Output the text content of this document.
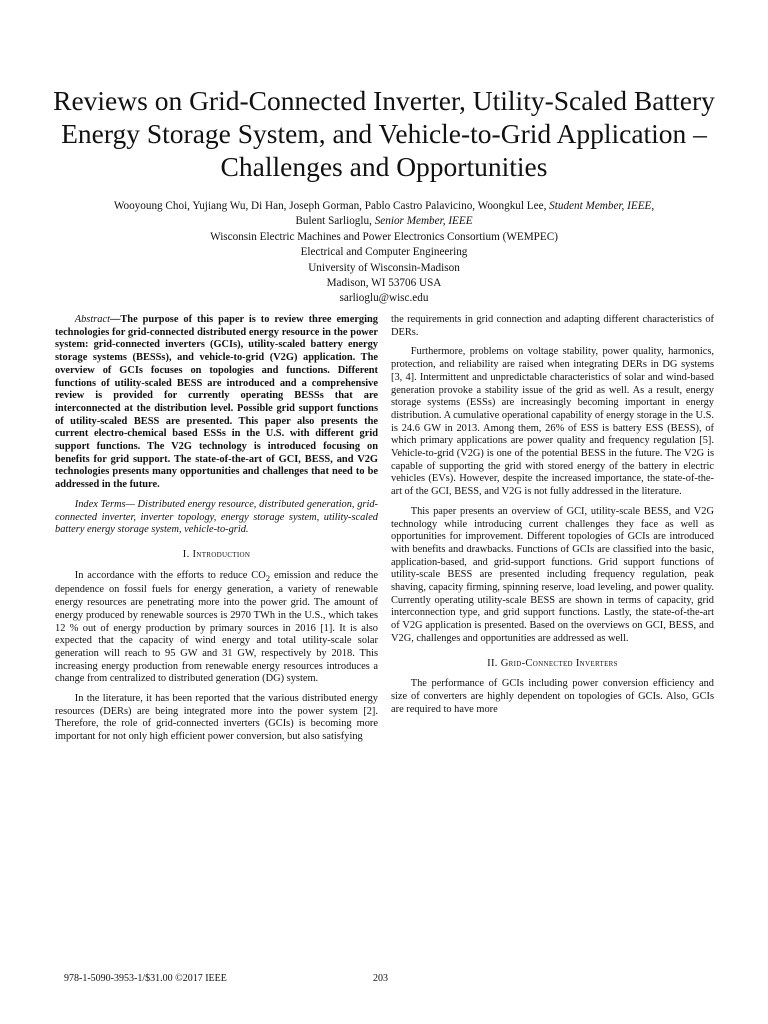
Reviews on Grid-Connected Inverter, Utility-Scaled Battery Energy Storage System, and Vehicle-to-Grid Application – Challenges and Opportunities
Wooyoung Choi, Yujiang Wu, Di Han, Joseph Gorman, Pablo Castro Palavicino, Woongkul Lee, Student Member, IEEE,
Bulent Sarlioglu, Senior Member, IEEE
Wisconsin Electric Machines and Power Electronics Consortium (WEMPEC)
Electrical and Computer Engineering
University of Wisconsin-Madison
Madison, WI 53706 USA
sarlioglu@wisc.edu

Abstract—The purpose of this paper is to review three emerging technologies for grid-connected distributed energy resource in the power system: grid-connected inverters (GCIs), utility-scaled battery energy storage systems (BESSs), and vehicle-to-grid (V2G) application. The overview of GCIs focuses on topologies and functions. Different functions of utility-scaled BESS are introduced and a comprehensive review is provided for currently operating BESSs that are interconnected at the distribution level. Possible grid support functions of utility-scaled BESS are presented. This paper also presents the current electro-chemical based ESSs in the U.S. with different grid support functions. The V2G technology is introduced focusing on benefits for grid support. The state-of-the-art of GCI, BESS, and V2G technologies presents many opportunities and challenges that need to be addressed in the future.

Index Terms— Distributed energy resource, distributed generation, grid-connected inverter, inverter topology, energy storage system, utility-scaled battery energy storage system, vehicle-to-grid.

I. Introduction

In accordance with the efforts to reduce $CO_2$ emission and reduce the dependence on fossil fuels for energy generation, a variety of renewable energy resources are penetrating more into the power grid. The amount of energy produced by renewable sources is 2970 TWh in the U.S., which takes 12 % out of energy production by primary sources in 2016 [1]. It is also expected that the capacity of wind energy and total utility-scale solar generation will reach to 95 GW and 31 GW, respectively by 2018. This increasing energy production from renewable energy resources introduces a change from centralized to distributed generation (DG) system.

In the literature, it has been reported that the various distributed energy resources (DERs) are being integrated more into the power system [2]. Therefore, the role of grid-connected inverters (GCIs) is becoming more important for not only high efficient power conversion, but also satisfying

the requirements in grid connection and adapting different characteristics of DERs.

Furthermore, problems on voltage stability, power quality, harmonics, protection, and reliability are raised when integrating DERs in DG systems [3, 4]. Intermittent and unpredictable characteristics of solar and wind-based generation provoke a stability issue of the grid as well. As a result, energy storage systems (ESSs) are increasingly becoming important in energy distribution. A cumulative operational capability of energy storage in the U.S. is 24.6 GW in 2013. Among them, 26% of ESS is battery ESS (BESS), of which primary applications are power quality and frequency regulation [5]. Vehicle-to-grid (V2G) is one of the potential BESS in the future. The V2G is capable of supporting the grid with stored energy of the battery in electric vehicles (EVs). However, despite the increased importance, the state-of-the-art of the GCI, BESS, and V2G is not fully addressed in the literature.

This paper presents an overview of GCI, utility-scale BESS, and V2G technology while introducing current challenges they face as well as opportunities for improvement. Different topologies of GCIs are introduced with benefits and drawbacks. Functions of GCIs are classified into the basic, application-based, and grid-support functions. Grid support functions of utility-scale BESS are presented including frequency regulation, peak shaving, capacity firming, spinning reserve, load leveling, and power quality. Currently operating utility-scale BESS are shown in terms of capacity, grid interconnection type, and grid support functions. Lastly, the state-of-the-art of V2G application is presented. Based on the overviews on GCI, BESS, and V2G, challenges and opportunities are addressed as well.

II. Grid-Connected Inverters

The performance of GCIs including power conversion efficiency and size of converters are highly dependent on topologies of GCIs. Also, GCIs are required to have more

978-1-5090-3953-1/$31.00 ©2017 IEEE	203
